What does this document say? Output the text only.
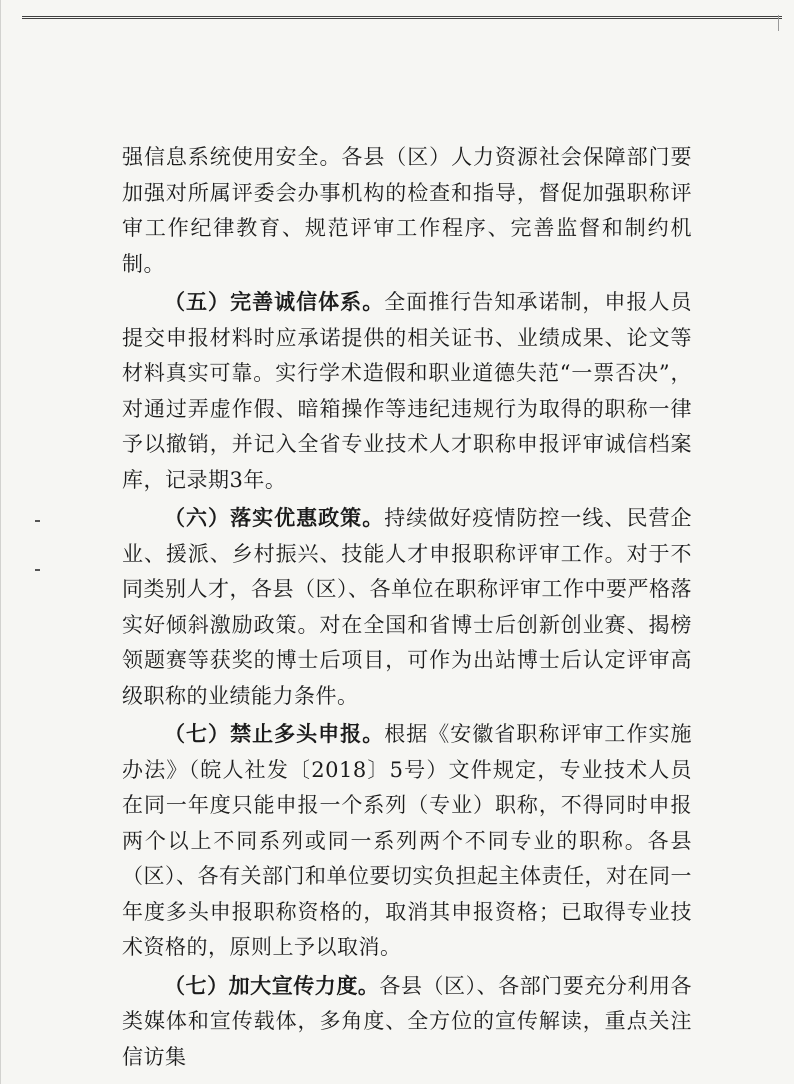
强信息系统使用安全。各县（区）人力资源社会保障部门要加强对所属评委会办事机构的检查和指导，督促加强职称评审工作纪律教育、规范评审工作程序、完善监督和制约机制。

（五）完善诚信体系。全面推行告知承诺制，申报人员提交申报材料时应承诺提供的相关证书、业绩成果、论文等材料真实可靠。实行学术造假和职业道德失范“一票否决”，对通过弄虚作假、暗箱操作等违纪违规行为取得的职称一律予以撤销，并记入全省专业技术人才职称申报评审诚信档案库，记录期3年。

（六）落实优惠政策。持续做好疫情防控一线、民营企业、援派、乡村振兴、技能人才申报职称评审工作。对于不同类别人才，各县（区）、各单位在职称评审工作中要严格落实好倾斜激励政策。对在全国和省博士后创新创业赛、揭榜领题赛等获奖的博士后项目，可作为出站博士后认定评审高级职称的业绩能力条件。

（七）禁止多头申报。根据《安徽省职称评审工作实施办法》（皖人社发〔2018〕5号）文件规定，专业技术人员在同一年度只能申报一个系列（专业）职称，不得同时申报两个以上不同系列或同一系列两个不同专业的职称。各县（区）、各有关部门和单位要切实负担起主体责任，对在同一年度多头申报职称资格的，取消其申报资格；已取得专业技术资格的，原则上予以取消。

（七）加大宣传力度。各县（区）、各部门要充分利用各类媒体和宣传载体，多角度、全方位的宣传解读，重点关注信访集
